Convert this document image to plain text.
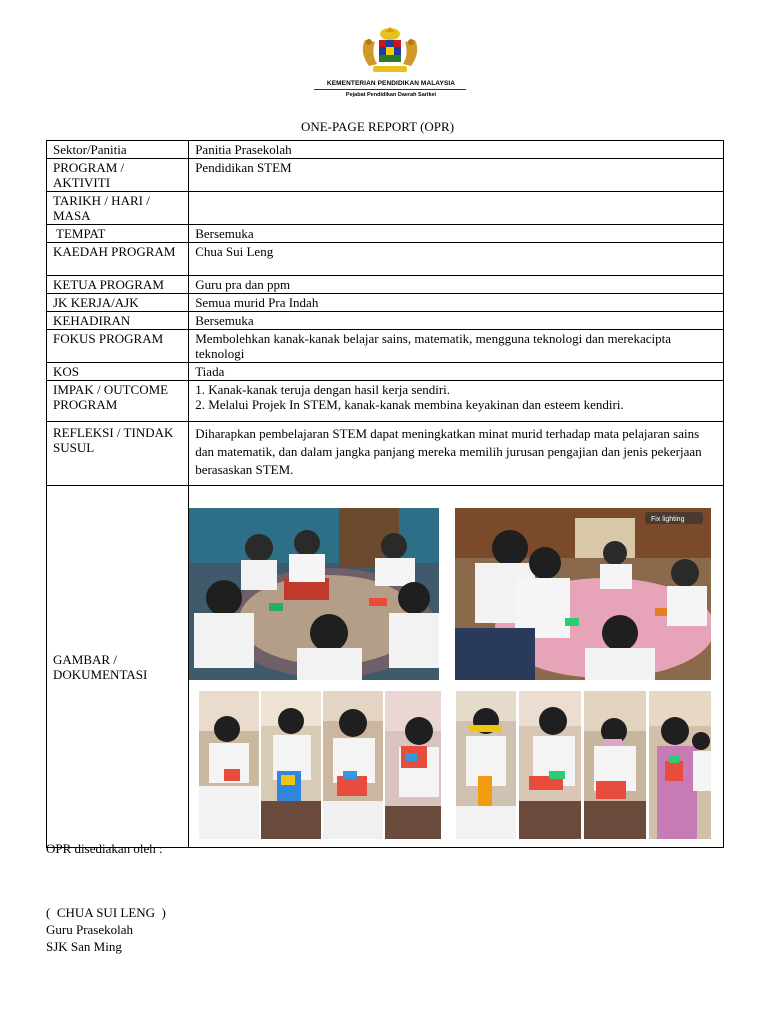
KEMENTERIAN PENDIDIKAN MALAYSIA
Pejabat Pendidikan Daerah Sarikei
ONE-PAGE REPORT (OPR)
Sektor/Panitia	Panitia Prasekolah
PROGRAM / AKTIVITI	Pendidikan STEM
TARIKH / HARI / MASA	
TEMPAT	Bersemuka
KAEDAH PROGRAM	Chua Sui Leng
KETUA PROGRAM	Guru pra dan ppm
JK KERJA/AJK	Semua murid Pra Indah
KEHADIRAN	Bersemuka
FOKUS PROGRAM	Membolehkan kanak-kanak belajar sains, matematik, mengguna teknologi dan merekacipta teknologi
KOS	Tiada
IMPAK / OUTCOME PROGRAM	1. Kanak-kanak teruja dengan hasil kerja sendiri.
2. Melalui Projek In STEM, kanak-kanak membina keyakinan dan esteem kendiri.

REFLEKSI / TINDAK SUSUL	Diharapkan pembelajaran STEM dapat meningkatkan minat murid terhadap mata pelajaran sains dan matematik, dan dalam jangka panjang mereka memilih jurusan pengajian dan jenis pekerjaan berasaskan STEM.
GAMBAR / DOKUMENTASI	Fix lighting
OPR disediakan oleh :
(  CHUA SUI LENG  )
Guru Prasekolah
SJK San Ming
